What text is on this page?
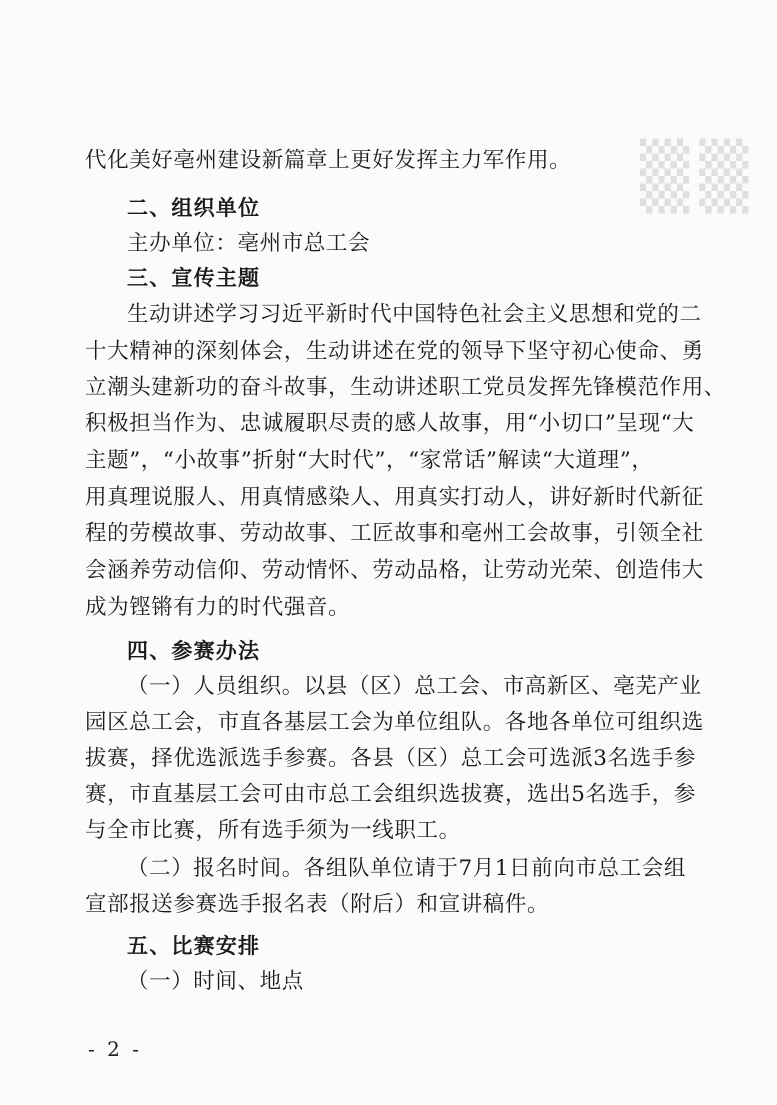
▒▒
代化美好亳州建设新篇章上更好发挥主力军作用。
二、组织单位
主办单位：亳州市总工会
三、宣传主题
生动讲述学习习近平新时代中国特色社会主义思想和党的二
十大精神的深刻体会，生动讲述在党的领导下坚守初心使命、勇
立潮头建新功的奋斗故事，生动讲述职工党员发挥先锋模范作用、
积极担当作为、忠诚履职尽责的感人故事，用“小切口”呈现“大
主题”，“小故事”折射“大时代”，“家常话”解读“大道理”，
用真理说服人、用真情感染人、用真实打动人，讲好新时代新征
程的劳模故事、劳动故事、工匠故事和亳州工会故事，引领全社
会涵养劳动信仰、劳动情怀、劳动品格，让劳动光荣、创造伟大
成为铿锵有力的时代强音。
四、参赛办法
（一）人员组织。以县（区）总工会、市高新区、亳芜产业
园区总工会，市直各基层工会为单位组队。各地各单位可组织选
拔赛，择优选派选手参赛。各县（区）总工会可选派3名选手参
赛，市直基层工会可由市总工会组织选拔赛，选出5名选手，参
与全市比赛，所有选手须为一线职工。
（二）报名时间。各组队单位请于7月1日前向市总工会组
宣部报送参赛选手报名表（附后）和宣讲稿件。
五、比赛安排
（一）时间、地点
- 2 -
